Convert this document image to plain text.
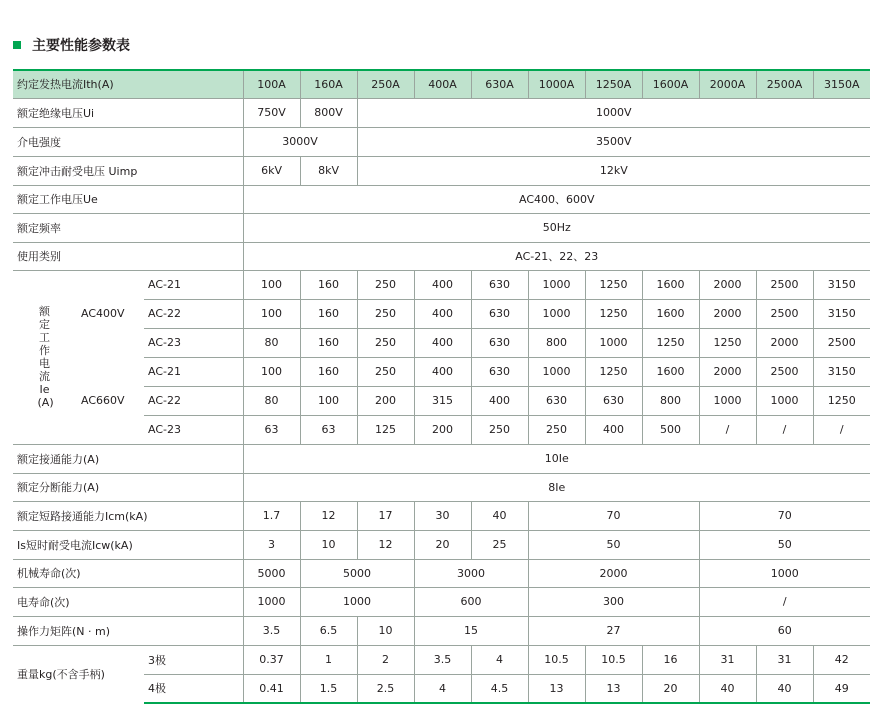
主要性能参数表
约定发热电流Ith(A)			100A	160A	250A	400A	630A	1000A	1250A	1600A	2000A	2500A	3150A
额定绝缘电压Ui			750V	800V	1000V								
介电强度			3000V		3500V								
额定冲击耐受电压 Uimp			6kV	8kV	12kV								
额定工作电压Ue			AC400、600V										
额定频率			50Hz										
使用类别			AC-21、22、23										
额定工作电流 Ie(A)	AC400V	AC-21	100	160	250	400	630	1000	1250	1600	2000	2500	3150
		AC-22	100	160	250	400	630	1000	1250	1600	2000	2500	3150
		AC-23	80	160	250	400	630	800	1000	1250	1250	2000	2500
	AC660V	AC-21	100	160	250	400	630	1000	1250	1600	2000	2500	3150
		AC-22	80	100	200	315	400	630	630	800	1000	1000	1250
		AC-23	63	63	125	200	250	250	400	500	/	/	/
额定接通能力(A)			10Ie										
额定分断能力(A)			8Ie										
额定短路接通能力Icm(kA)			1.7	12	17	30	40	70			70		
Is短时耐受电流Icw(kA)			3	10	12	20	25	50			50		
机械寿命(次)			5000	5000		3000		2000			1000		
电寿命(次)			1000	1000		600		300			/		
操作力矩阵(N · m)			3.5	6.5	10	15		27			60		
重量kg(不含手柄)		3极	0.37	1	2	3.5	4	10.5	10.5	16	31	31	42
		4极	0.41	1.5	2.5	4	4.5	13	13	20	40	40	49
